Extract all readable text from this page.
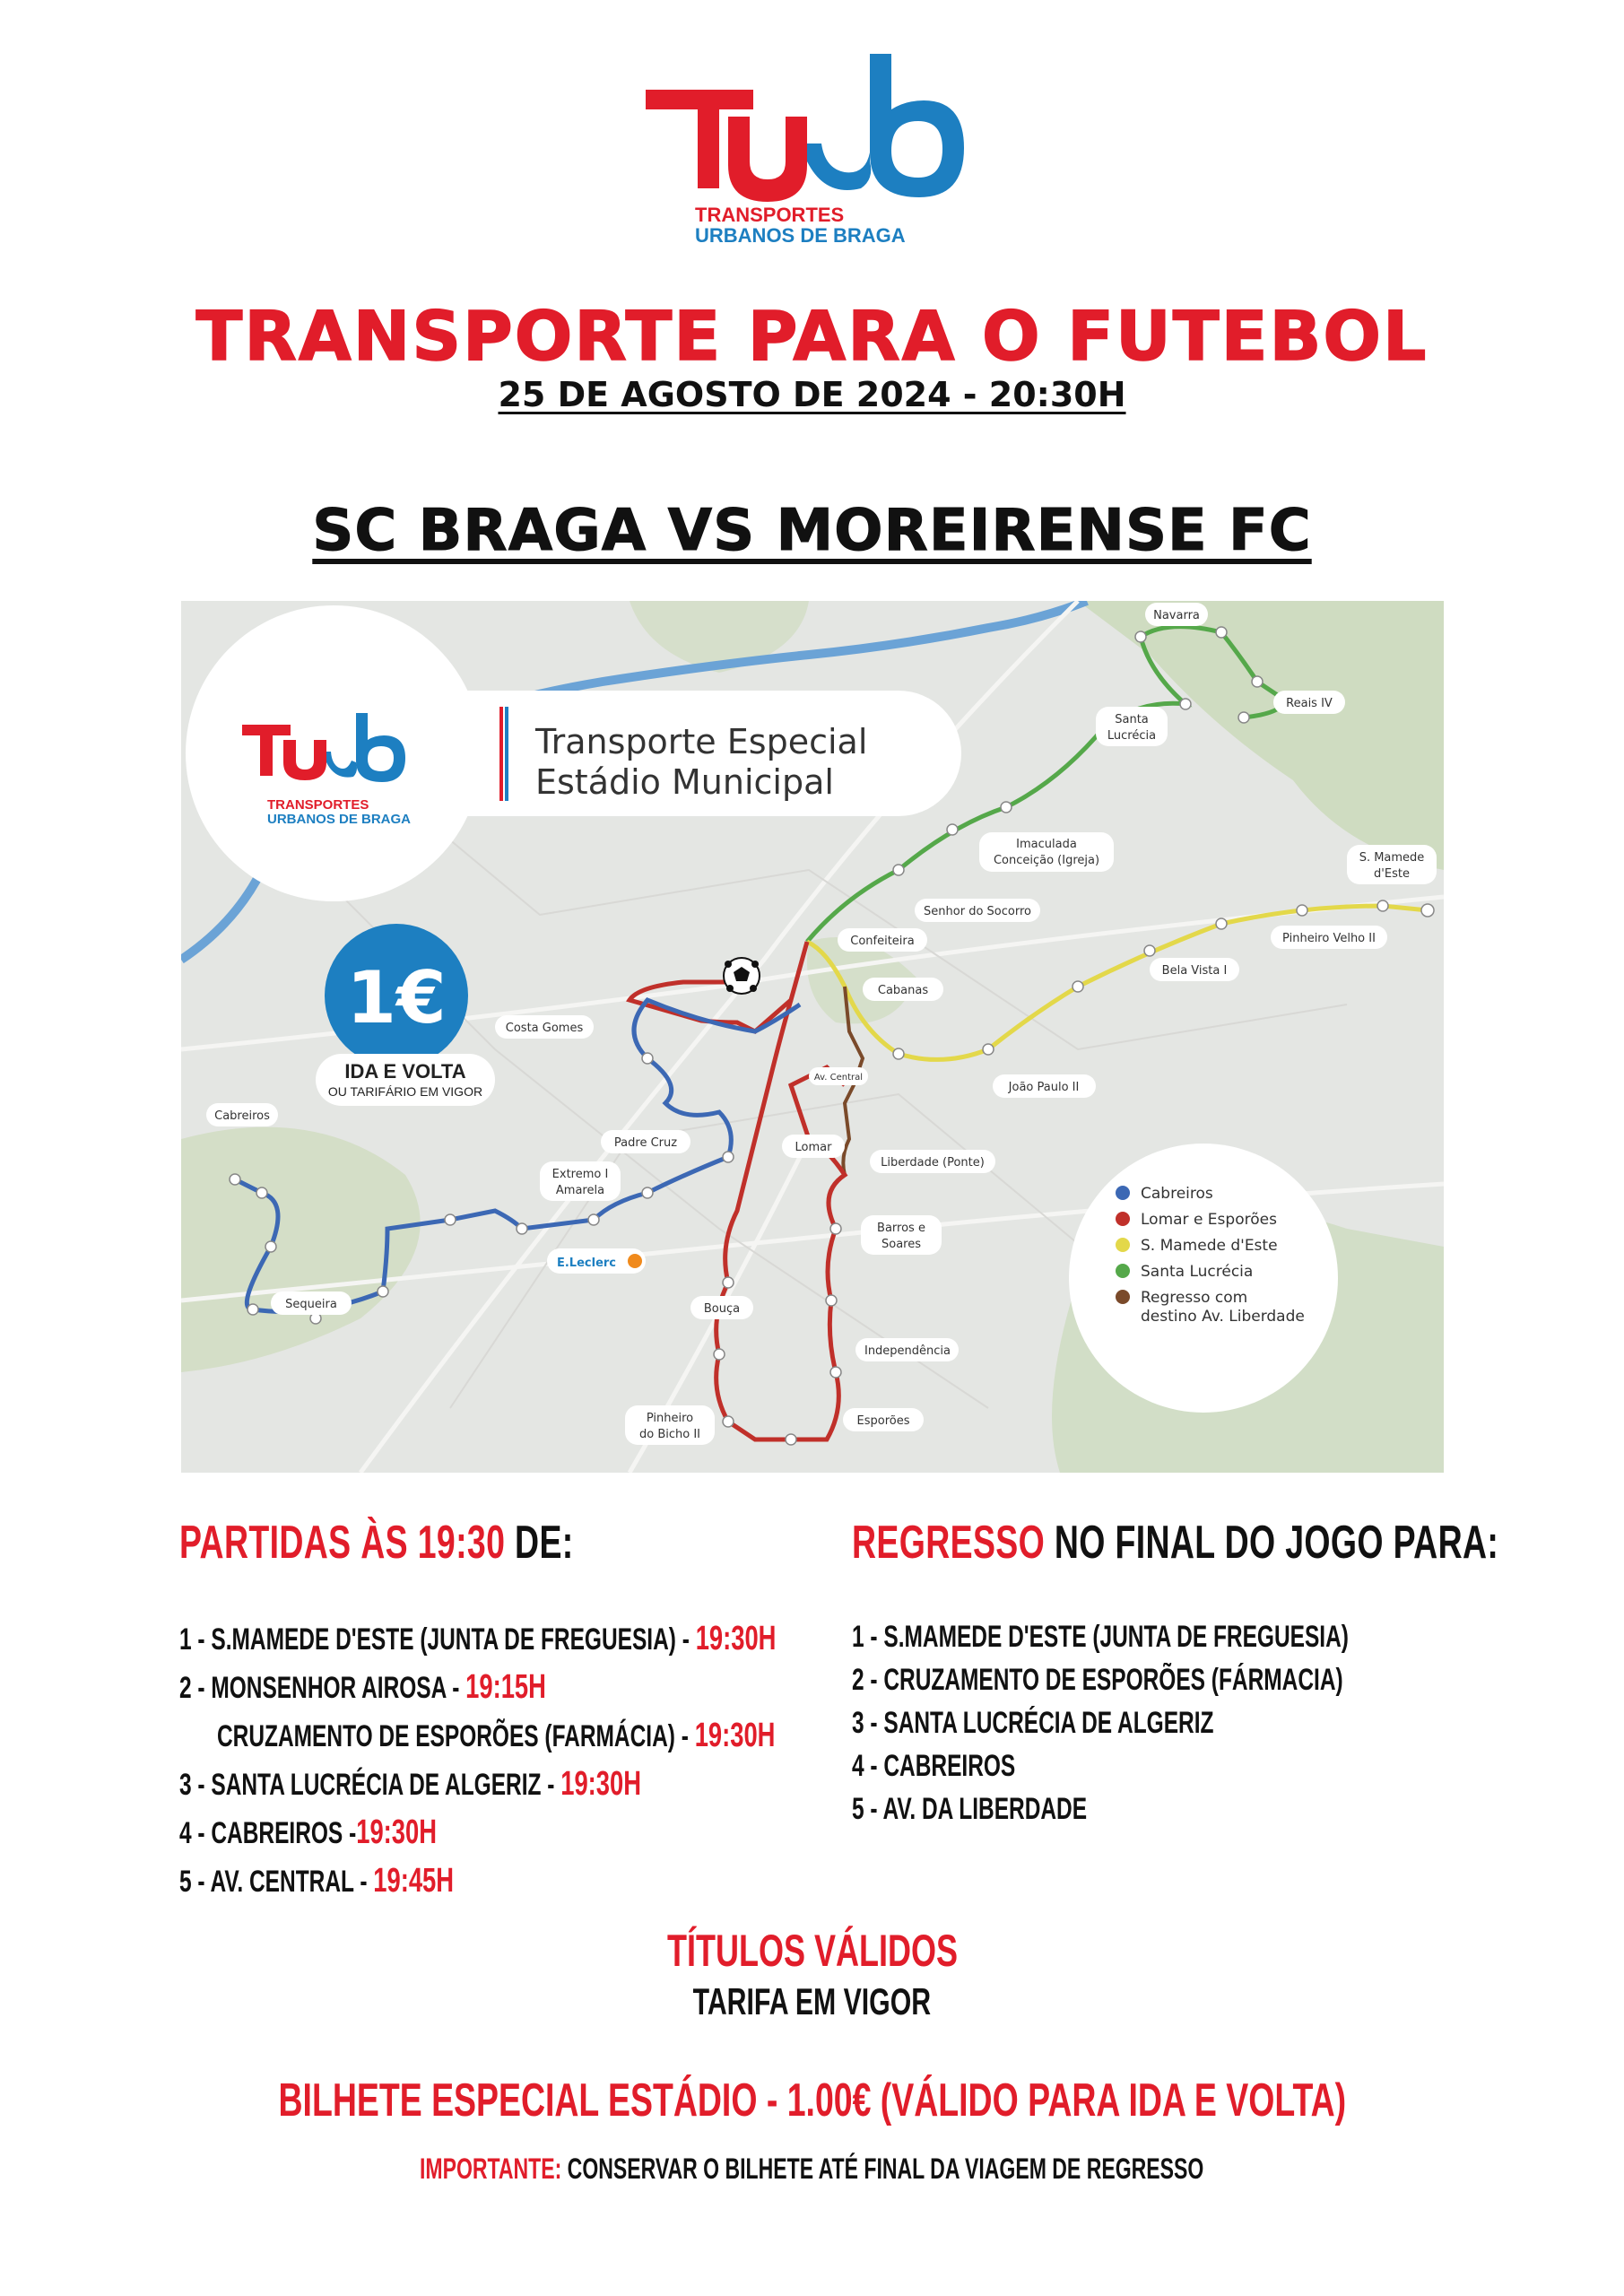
TRANSPORTES
URBANOS DE BRAGA
TRANSPORTE PARA O FUTEBOL
25 DE AGOSTO DE 2024 - 20:30H
SC BRAGA VS MOREIRENSE FC
TRANSPORTES
URBANOS DE BRAGA
Transporte Especial
Estádio Municipal
1€
IDA E VOLTA
OU TARIFÁRIO EM VIGOR
Navarra
Reais IV
Santa
Lucrécia
Imaculada
Conceição (Igreja)	S. Mamede
d'Este
Senhor do Socorro
Confeiteira	Pinheiro Velho II
Bela Vista I
Cabanas
Costa Gomes
João Paulo II
Av. Central
Cabreiros
Padre Cruz	Lomar
Liberdade (Ponte)
Extremo I
Amarela
Barros e
Soares
E.Leclerc
Sequeira	Bouça
Independência
Pinheiro
do Bicho II
Esporões
Cabreiros
Lomar e Esporões
S. Mamede d'Este
Santa Lucrécia
Regresso com
destino Av. Liberdade
PARTIDAS ÀS 19:30 DE:
1 - S.MAMEDE D'ESTE (JUNTA DE FREGUESIA) - 19:30H
2 - MONSENHOR AIROSA - 19:15H
CRUZAMENTO DE ESPORÕES (FARMÁCIA) - 19:30H
3 - SANTA LUCRÉCIA DE ALGERIZ - 19:30H
4 - CABREIROS -19:30H
5 - AV. CENTRAL - 19:45H
REGRESSO NO FINAL DO JOGO PARA:
1 - S.MAMEDE D'ESTE (JUNTA DE FREGUESIA)
2 - CRUZAMENTO DE ESPORÕES (FÁRMACIA)
3 - SANTA LUCRÉCIA DE ALGERIZ
4 - CABREIROS
5 - AV. DA LIBERDADE
TÍTULOS VÁLIDOS
TARIFA EM VIGOR
BILHETE ESPECIAL ESTÁDIO - 1.00€ (VÁLIDO PARA IDA E VOLTA)
IMPORTANTE: CONSERVAR O BILHETE ATÉ FINAL DA VIAGEM DE REGRESSO
